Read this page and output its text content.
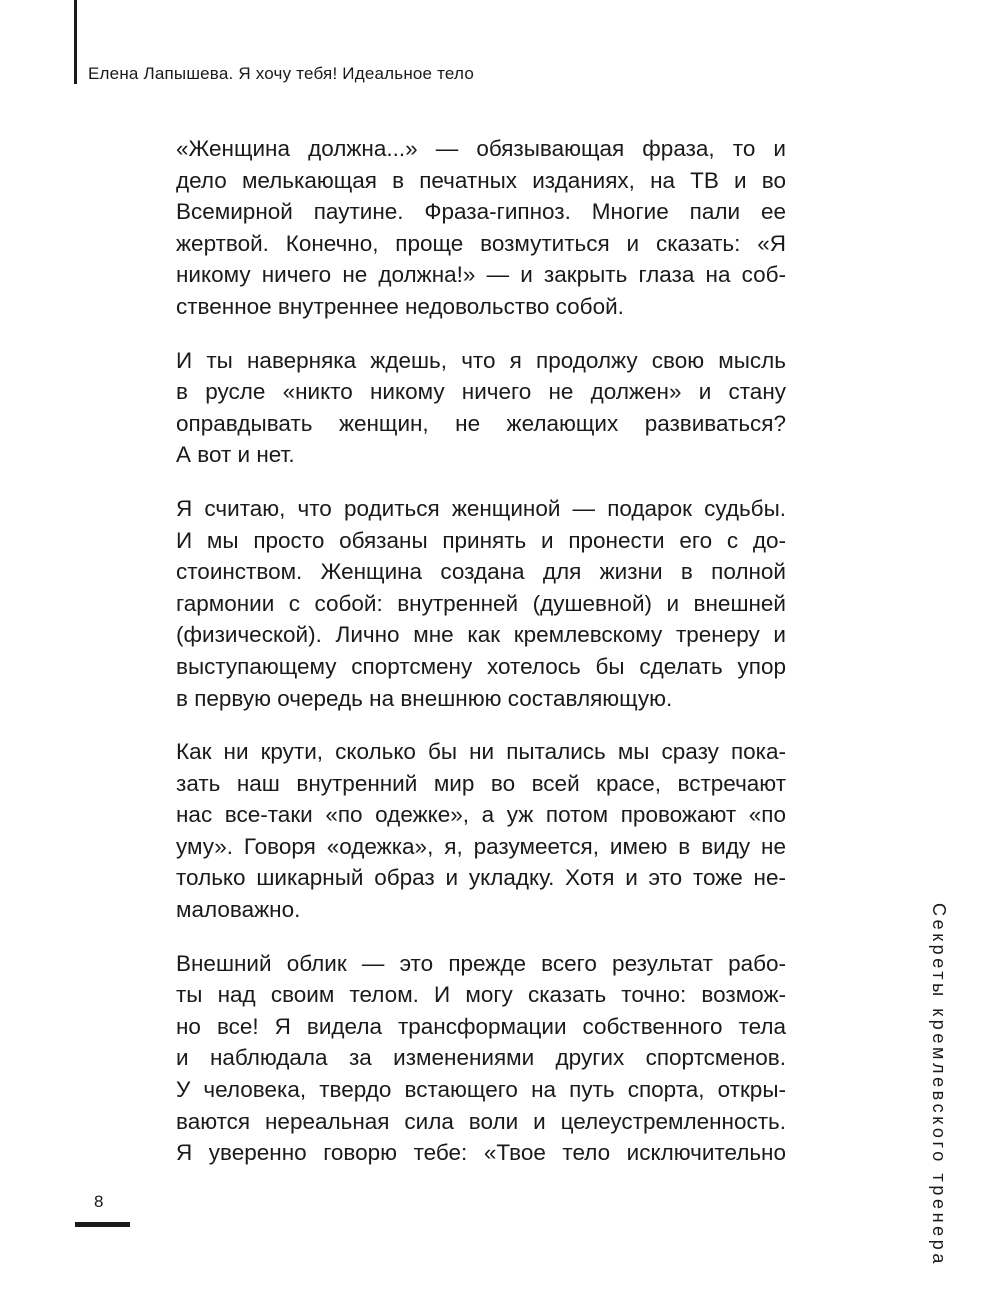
Елена Лапышева. Я хочу тебя! Идеальное тело

«Женщина должна...» — обязывающая фраза, то и
дело мелькающая в печатных изданиях, на ТВ и во
Всемирной паутине. Фраза-гипноз. Многие пали ее
жертвой. Конечно, проще возмутиться и сказать: «Я
никому ничего не должна!» — и закрыть глаза на соб-
ственное внутреннее недовольство собой.

И ты наверняка ждешь, что я продолжу свою мысль
в русле «никто никому ничего не должен» и стану
оправдывать женщин, не желающих развиваться?
А вот и нет.

Я считаю, что родиться женщиной — подарок судьбы.
И мы просто обязаны принять и пронести его с до-
стоинством. Женщина создана для жизни в полной
гармонии с собой: внутренней (душевной) и внешней
(физической). Лично мне как кремлевскому тренеру и
выступающему спортсмену хотелось бы сделать упор
в первую очередь на внешнюю составляющую.

Как ни крути, сколько бы ни пытались мы сразу пока-
зать наш внутренний мир во всей красе, встречают
нас все-таки «по одежке», а уж потом провожают «по
уму». Говоря «одежка», я, разумеется, имею в виду не
только шикарный образ и укладку. Хотя и это тоже не-
маловажно.

Внешний облик — это прежде всего результат рабо-
ты над своим телом. И могу сказать точно: возмож-
но все! Я видела трансформации собственного тела
и наблюдала за изменениями других спортсменов.
У человека, твердо встающего на путь спорта, откры-
ваются нереальная сила воли и целеустремленность.
Я уверенно говорю тебе: «Твое тело исключительно	Секреты кремлевского тренера
8
